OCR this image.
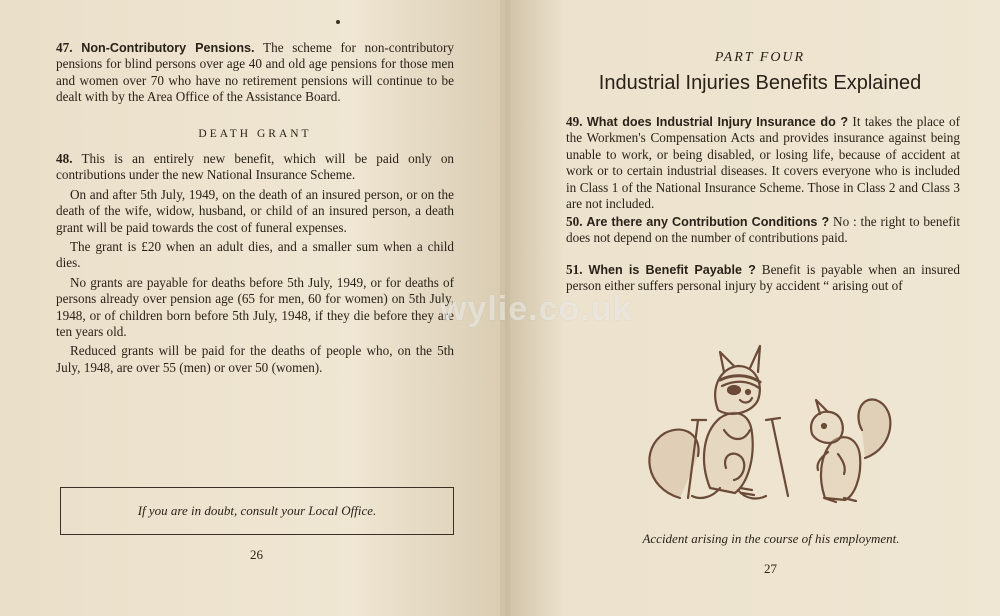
47. Non-Contributory Pensions. The scheme for non-contributory pensions for blind persons over age 40 and old age pensions for those men and women over 70 who have no retirement pensions will continue to be dealt with by the Area Office of the Assistance Board.

DEATH GRANT

48. This is an entirely new benefit, which will be paid only on contributions under the new National Insurance Scheme.

On and after 5th July, 1949, on the death of an insured person, or on the death of the wife, widow, husband, or child of an insured person, a death grant will be paid towards the cost of funeral expenses.

The grant is £20 when an adult dies, and a smaller sum when a child dies.

No grants are payable for deaths before 5th July, 1949, or for deaths of persons already over pension age (65 for men, 60 for women) on 5th July, 1948, or of children born before 5th July, 1948, if they die before they are ten years old.

Reduced grants will be paid for the deaths of people who, on the 5th July, 1948, are over 55 (men) or over 50 (women).

If you are in doubt, consult your Local Office.
26
PART FOUR
Industrial Injuries Benefits Explained

49. What does Industrial Injury Insurance do ? It takes the place of the Workmen's Compensation Acts and provides insurance against being unable to work, or being disabled, or losing life, because of accident at work or to certain industrial diseases. It covers everyone who is included in Class 1 of the National Insurance Scheme. Those in Class 2 and Class 3 are not included.

50. Are there any Contribution Conditions ? No : the right to benefit does not depend on the number of contributions paid.

51. When is Benefit Payable ? Benefit is payable when an insured person either suffers personal injury by accident “ arising out of

wylie.co.uk
Accident arising in the course of his employment.
27
